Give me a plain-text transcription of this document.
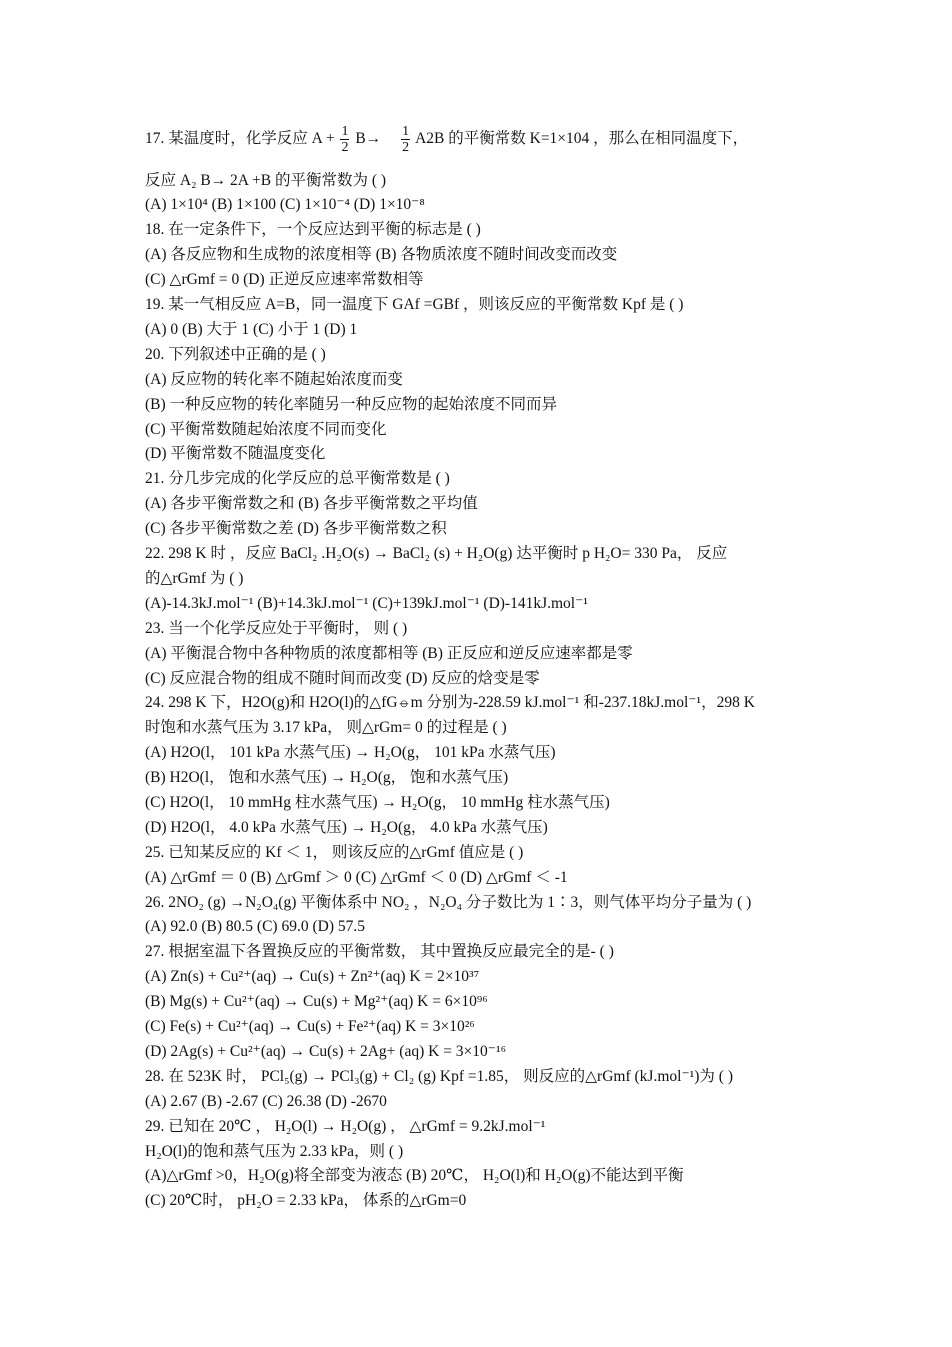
17. 某温度时，化学反应 $A + \frac{1}{2} B\to \frac{1}{2} A2B$ 的平衡常数 K=1×104 ，那么在相同温度下，
反应 A₂ B→ 2A +B 的平衡常数为 ( )
(A) 1×10⁴ (B) 1×100 (C) 1×10⁻⁴ (D) 1×10⁻⁸
18. 在一定条件下，一个反应达到平衡的标志是 ( )
(A) 各反应物和生成物的浓度相等 (B) 各物质浓度不随时间改变而改变
(C) △rGmf = 0 (D) 正逆反应速率常数相等
19. 某一气相反应 A=B，同一温度下 GAf =GBf ，则该反应的平衡常数 Kpf 是 ( )
(A) 0 (B) 大于 1 (C) 小于 1 (D) 1
20. 下列叙述中正确的是 ( )
(A) 反应物的转化率不随起始浓度而变
(B) 一种反应物的转化率随另一种反应物的起始浓度不同而异
(C) 平衡常数随起始浓度不同而变化
(D) 平衡常数不随温度变化
21. 分几步完成的化学反应的总平衡常数是 ( )
(A) 各步平衡常数之和 (B) 各步平衡常数之平均值
(C) 各步平衡常数之差 (D) 各步平衡常数之积
22. 298 K 时 ，反应 BaCl₂ .H₂O(s) → BaCl₂ (s) + H₂O(g) 达平衡时 p H₂O= 330 Pa， 反应
的△rGmf 为 ( )
(A)-14.3kJ.mol⁻¹ (B)+14.3kJ.mol⁻¹ (C)+139kJ.mol⁻¹ (D)-141kJ.mol⁻¹
23. 当一个化学反应处于平衡时， 则 ( )
(A) 平衡混合物中各种物质的浓度都相等 (B) 正反应和逆反应速率都是零
(C) 反应混合物的组成不随时间而改变 (D) 反应的焓变是零
24. 298 K 下，H2O(g)和 H2O(l)的△fG⦵m 分别为-228.59 kJ.mol⁻¹ 和-237.18kJ.mol⁻¹，298 K
时饱和水蒸气压为 3.17 kPa， 则△rGm= 0 的过程是 ( )
(A) H2O(l， 101 kPa 水蒸气压) → H₂O(g， 101 kPa 水蒸气压)
(B) H2O(l， 饱和水蒸气压) → H₂O(g， 饱和水蒸气压)
(C) H2O(l， 10 mmHg 柱水蒸气压) → H₂O(g， 10 mmHg 柱水蒸气压)
(D) H2O(l， 4.0 kPa 水蒸气压) → H₂O(g， 4.0 kPa 水蒸气压)
25. 已知某反应的 Kf ＜ 1， 则该反应的△rGmf 值应是 ( )
(A) △rGmf ＝ 0 (B) △rGmf ＞ 0 (C) △rGmf ＜ 0 (D) △rGmf ＜ -1
26. 2NO₂ (g) →N₂O₄(g) 平衡体系中 NO₂ ，N₂O₄ 分子数比为 1∶3，则气体平均分子量为 ( )
(A) 92.0 (B) 80.5 (C) 69.0 (D) 57.5
27. 根据室温下各置换反应的平衡常数， 其中置换反应最完全的是- ( )
(A) Zn(s) + Cu²⁺(aq) → Cu(s) + Zn²⁺(aq) K = 2×10³⁷
(B) Mg(s) + Cu²⁺(aq) → Cu(s) + Mg²⁺(aq) K = 6×10⁹⁶
(C) Fe(s) + Cu²⁺(aq) → Cu(s) + Fe²⁺(aq) K = 3×10²⁶
(D) 2Ag(s) + Cu²⁺(aq) → Cu(s) + 2Ag+ (aq) K = 3×10⁻¹⁶
28. 在 523K 时， PCl₅(g) → PCl₃(g) + Cl₂ (g) Kpf =1.85， 则反应的△rGmf (kJ.mol⁻¹)为 ( )
(A) 2.67 (B) -2.67 (C) 26.38 (D) -2670
29. 已知在 20℃ ， H₂O(l) → H₂O(g) ， △rGmf = 9.2kJ.mol⁻¹
H₂O(l)的饱和蒸气压为 2.33 kPa，则 ( )
(A)△rGmf >0，H₂O(g)将全部变为液态 (B) 20℃， H₂O(l)和 H₂O(g)不能达到平衡
(C) 20℃时， pH₂O = 2.33 kPa， 体系的△rGm=0
